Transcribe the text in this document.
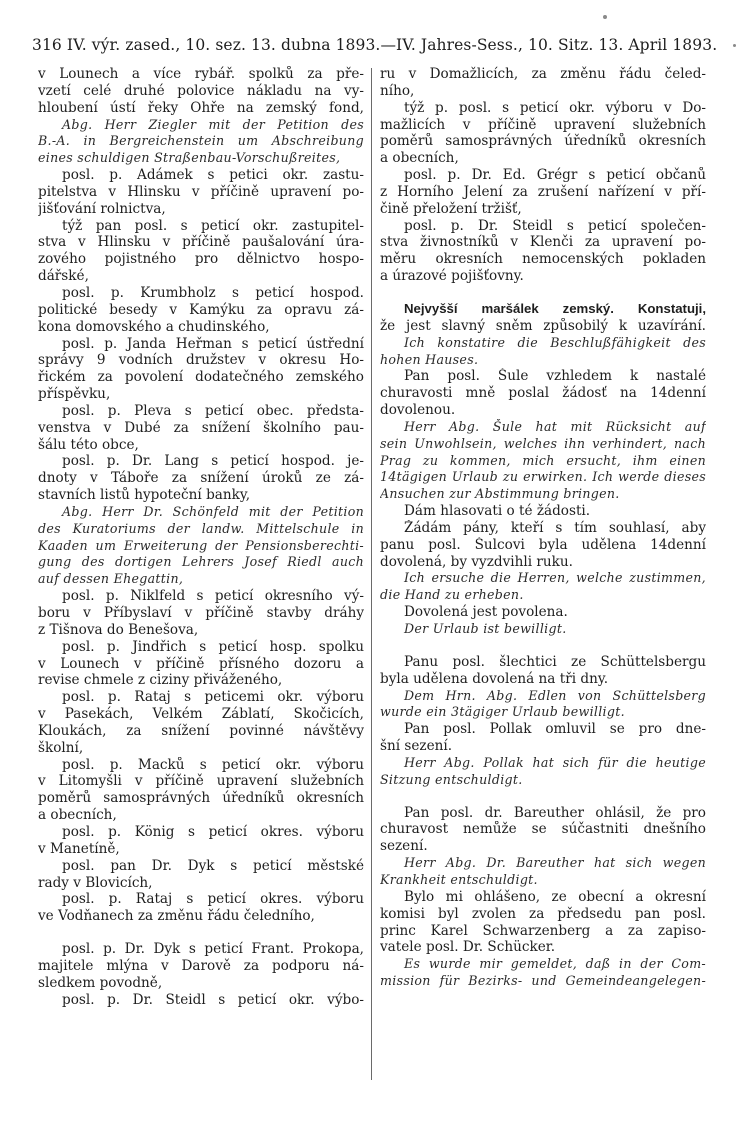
316 IV. výr. zased., 10. sez. 13. dubna 1893. — IV. Jahres-Sess., 10. Sitz. 13. April 1893.
v Lounech a více rybář. spolků za pře-
vzetí celé druhé polovice nákladu na vy-
hloubení ústí řeky Ohře na zemský fond,
Abg. Herr Ziegler mit der Petition des
B.-A. in Bergreichenstein um Abschreibung
eines schuldigen Straßenbau-Vorschußreites,
posl. p. Adámek s petici okr. zastu-
pitelstva v Hlinsku v příčině upravení po-
jišťování rolnictva,
týž pan posl. s peticí okr. zastupitel-
stva v Hlinsku v příčině paušalování úra-
zového pojistného pro dělnictvo hospo-
dářské,
posl. p. Krumbholz s peticí hospod.
politické besedy v Kamýku za opravu zá-
kona domovského a chudinského,
posl. p. Janda Heřman s peticí ústřední
správy 9 vodních družstev v okresu Ho-
řickém za povolení dodatečného zemského
příspěvku,
posl. p. Pleva s peticí obec. předsta-
venstva v Dubé za snížení školního pau-
šálu této obce,
posl. p. Dr. Lang s peticí hospod. je-
dnoty v Táboře za snížení úroků ze zá-
stavních listů hypoteční banky,
Abg. Herr Dr. Schönfeld mit der Petition
des Kuratoriums der landw. Mittelschule in
Kaaden um Erweiterung der Pensionsberechti-
gung des dortigen Lehrers Josef Riedl auch
auf dessen Ehegattin,
posl. p. Niklfeld s peticí okresního vý-
boru v Příbyslaví v příčině stavby dráhy
z Tišnova do Benešova,
posl. p. Jindřich s peticí hosp. spolku
v Lounech v příčině přísného dozoru a
revise chmele z ciziny přiváženého,
posl. p. Rataj s peticemi okr. výboru
v Pasekách, Velkém Záblatí, Skočicích,
Kloukách, za snížení povinné návštěvy
školní,
posl. p. Macků s peticí okr. výboru
v Litomyšli v příčině upravení služebních
poměrů samosprávných úředníků okresních
a obecních,
posl. p. König s peticí okres. výboru
v Manetíně,
posl. pan Dr. Dyk s peticí městské
rady v Blovicích,
posl. p. Rataj s peticí okres. výboru
ve Vodňanech za změnu řádu čeledního,
posl. p. Dr. Dyk s peticí Frant. Prokopa,
majitele mlýna v Darově za podporu ná-
sledkem povodně,
posl. p. Dr. Steidl s peticí okr. výbo-
ru v Domažlicích, za změnu řádu čeled-
ního,
týž p. posl. s peticí okr. výboru v Do-
mažlicích v příčině upravení služebních
poměrů samosprávných úředníků okresních
a obecních,
posl. p. Dr. Ed. Grégr s peticí občanů
z Horního Jelení za zrušení nařízení v pří-
čině přeložení tržišť,
posl. p. Dr. Steidl s peticí společen-
stva živnostníků v Klenči za upravení po-
měru okresních nemocenských pokladen
a úrazové pojišťovny.
Nejvyšší maršálek zemský. Konstatuji,
že jest slavný sněm způsobilý k uzavírání.
Ich konstatire die Beschlußfähigkeit des
hohen Hauses.
Pan posl. Šule vzhledem k nastalé
churavosti mně poslal žádosť na 14denní
dovolenou.
Herr Abg. Šule hat mit Rücksicht auf
sein Unwohlsein, welches ihn verhindert, nach
Prag zu kommen, mich ersucht, ihm einen
14tägigen Urlaub zu erwirken. Ich werde dieses
Ansuchen zur Abstimmung bringen.
Dám hlasovati o té žádosti.
Žádám pány, kteří s tím souhlasí, aby
panu posl. Šulcovi byla udělena 14denní
dovolená, by vyzdvihli ruku.
Ich ersuche die Herren, welche zustimmen,
die Hand zu erheben.
Dovolená jest povolena.
Der Urlaub ist bewilligt.
Panu posl. šlechtici ze Schüttelsbergu
byla udělena dovolená na tři dny.
Dem Hrn. Abg. Edlen von Schüttelsberg
wurde ein 3tägiger Urlaub bewilligt.
Pan posl. Pollak omluvil se pro dne-
šní sezení.
Herr Abg. Pollak hat sich für die heutige
Sitzung entschuldigt.
Pan posl. dr. Bareuther ohlásil, že pro
churavost nemůže se súčastniti dnešního
sezení.
Herr Abg. Dr. Bareuther hat sich wegen
Krankheit entschuldigt.
Bylo mi ohlášeno, ze obecní a okresní
komisi byl zvolen za předsedu pan posl.
princ Karel Schwarzenberg a za zapiso-
vatele posl. Dr. Schücker.
Es wurde mir gemeldet, daß in der Com-
mission für Bezirks- und Gemeindeangelegen-
